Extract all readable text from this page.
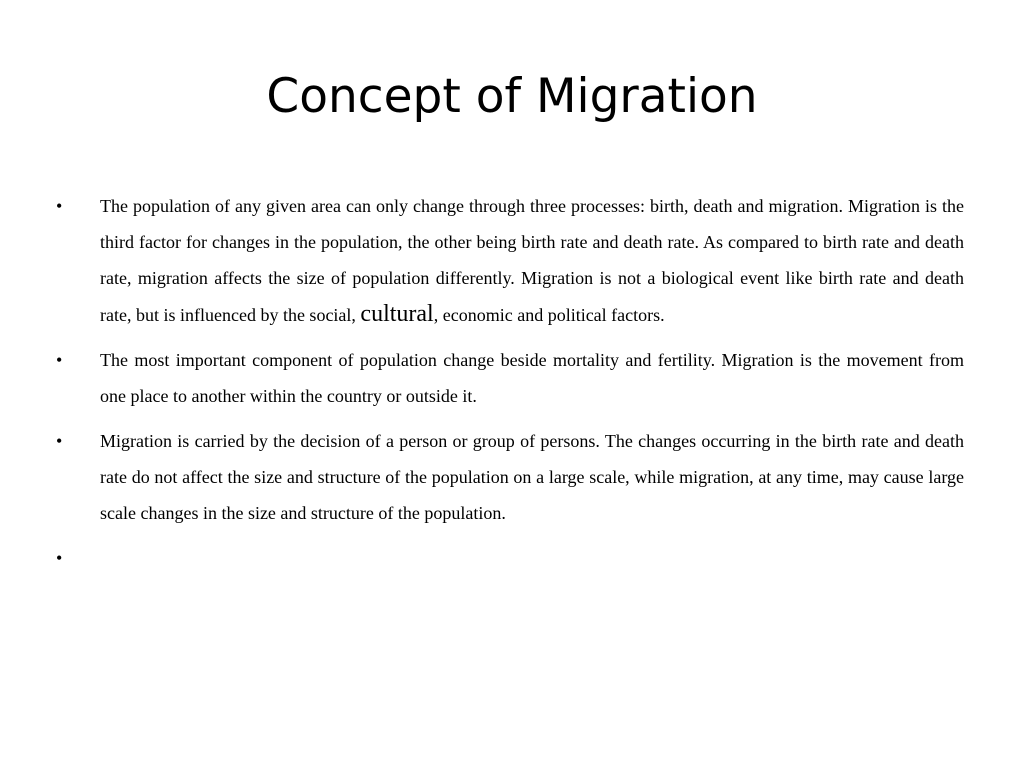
Concept of Migration
• The population of any given area can only change through three processes: birth, death and migration. Migration is the third factor for changes in the population, the other being birth rate and death rate. As compared to birth rate and death rate, migration affects the size of population differently. Migration is not a biological event like birth rate and death rate, but is influenced by the social, cultural, economic and political factors.
• The most important component of population change beside mortality and fertility. Migration is the movement from one place to another within the country or outside it.
• Migration is carried by the decision of a person or group of persons. The changes occurring in the birth rate and death rate do not affect the size and structure of the population on a large scale, while migration, at any time, may cause large scale changes in the size and structure of the population.
•
